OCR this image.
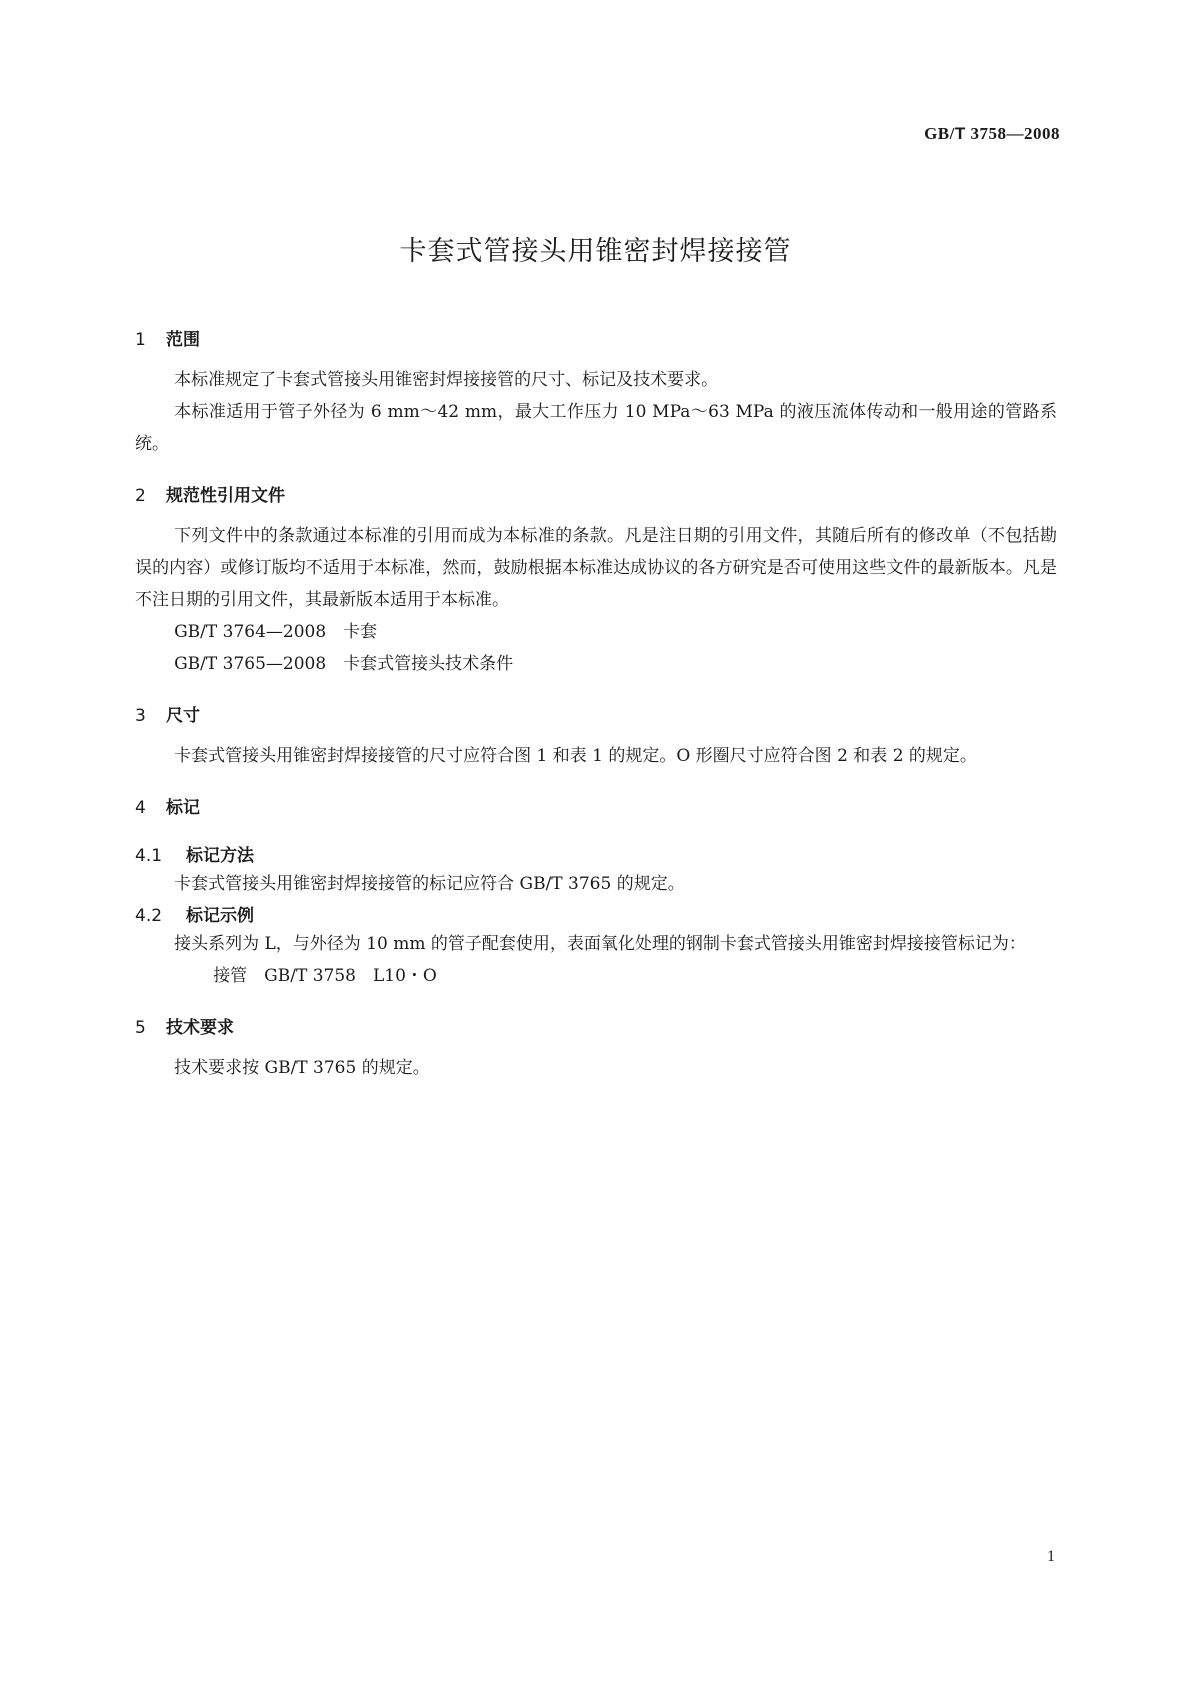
GB/T 3758—2008
卡套式管接头用锥密封焊接接管
1	范围

本标准规定了卡套式管接头用锥密封焊接接管的尺寸、标记及技术要求。

本标准适用于管子外径为 6 mm～42 mm，最大工作压力 10 MPa～63 MPa 的液压流体传动和一般用途的管路系统。

2	规范性引用文件

下列文件中的条款通过本标准的引用而成为本标准的条款。凡是注日期的引用文件，其随后所有的修改单（不包括勘误的内容）或修订版均不适用于本标准，然而，鼓励根据本标准达成协议的各方研究是否可使用这些文件的最新版本。凡是不注日期的引用文件，其最新版本适用于本标准。

GB/T 3764—2008　卡套
GB/T 3765—2008　卡套式管接头技术条件
3	尺寸

卡套式管接头用锥密封焊接接管的尺寸应符合图 1 和表 1 的规定。O 形圈尺寸应符合图 2 和表 2 的规定。

4	标记
4.1	标记方法

卡套式管接头用锥密封焊接接管的标记应符合 GB/T 3765 的规定。

4.2	标记示例

接头系列为 L，与外径为 10 mm 的管子配套使用，表面氧化处理的钢制卡套式管接头用锥密封焊接接管标记为：

接管　GB/T 3758　L10・O
5	技术要求

技术要求按 GB/T 3765 的规定。

1
